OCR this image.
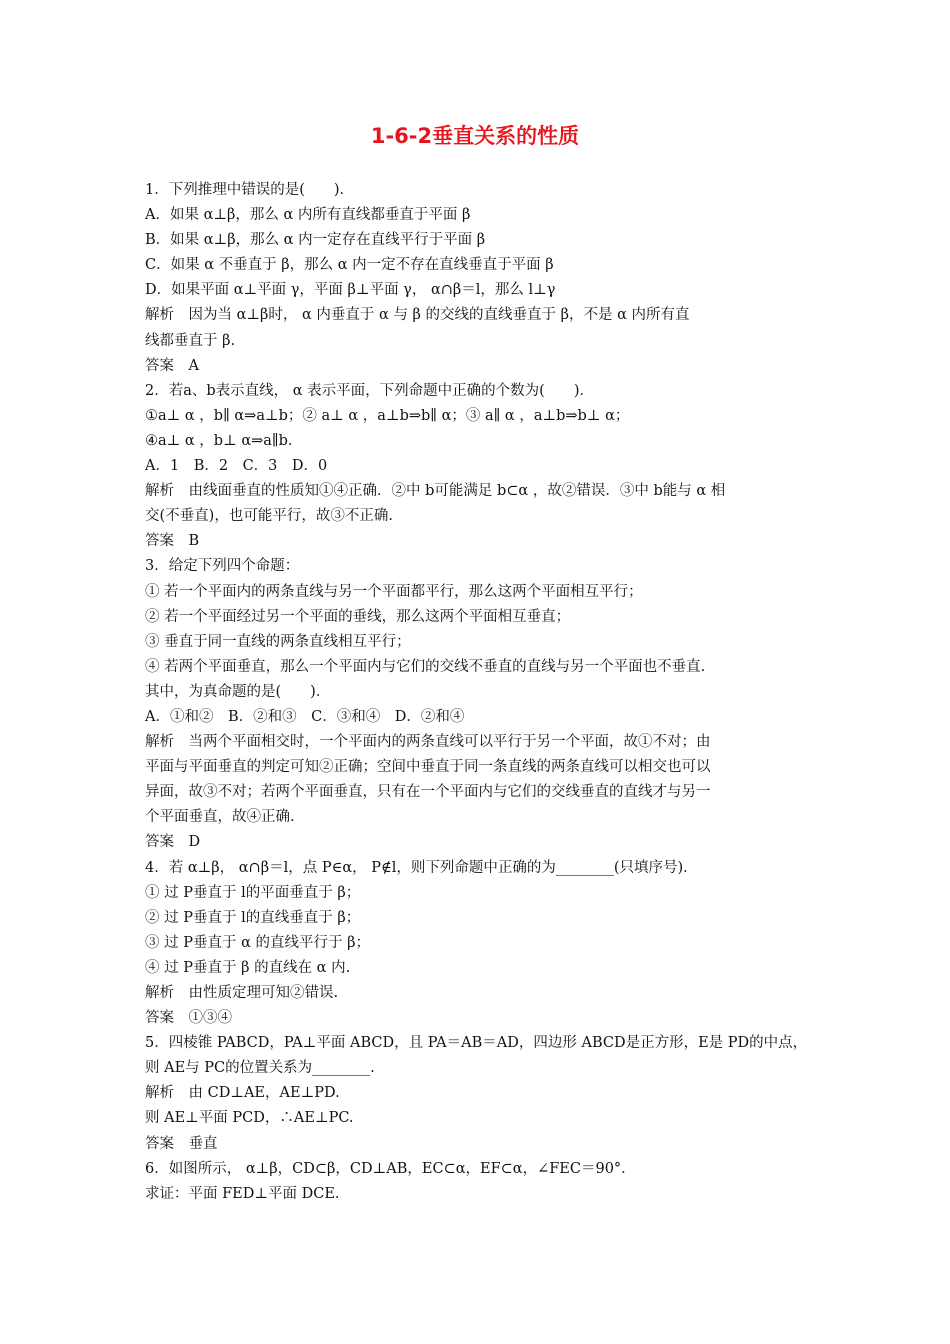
1-6-2垂直关系的性质
1．下列推理中错误的是(　　)．
A．如果 α⊥β，那么 α 内所有直线都垂直于平面 β
B．如果 α⊥β，那么 α 内一定存在直线平行于平面 β
C．如果 α 不垂直于 β，那么 α 内一定不存在直线垂直于平面 β
D．如果平面 α⊥平面 γ，平面 β⊥平面 γ， α∩β＝l，那么 l⊥γ
解析　因为当 α⊥β时， α 内垂直于 α 与 β 的交线的直线垂直于 β，不是 α 内所有直
线都垂直于 β.
答案　A
2．若a、b表示直线， α 表示平面，下列命题中正确的个数为(　　)．
①a⊥ α ，b∥ α⇒a⊥b；② a⊥ α ，a⊥b⇒b∥ α；③ a∥ α ，a⊥b⇒b⊥ α；
④a⊥ α ，b⊥ α⇒a∥b.
A．1　B．2　C．3　D．0
解析　由线面垂直的性质知①④正确．②中 b可能满足 b⊂α ，故②错误．③中 b能与 α 相
交(不垂直)，也可能平行，故③不正确.
答案　B
3．给定下列四个命题：
① 若一个平面内的两条直线与另一个平面都平行，那么这两个平面相互平行；
② 若一个平面经过另一个平面的垂线，那么这两个平面相互垂直；
③ 垂直于同一直线的两条直线相互平行；
④ 若两个平面垂直，那么一个平面内与它们的交线不垂直的直线与另一个平面也不垂直.
其中，为真命题的是(　　)．
A．①和②　B．②和③　C．③和④　D．②和④
解析　当两个平面相交时，一个平面内的两条直线可以平行于另一个平面，故①不对；由
平面与平面垂直的判定可知②正确；空间中垂直于同一条直线的两条直线可以相交也可以
异面，故③不对；若两个平面垂直，只有在一个平面内与它们的交线垂直的直线才与另一
个平面垂直，故④正确.
答案　D
4．若 α⊥β， α∩β＝l，点 P∈α， P∉l，则下列命题中正确的为________(只填序号)．
① 过 P垂直于 l的平面垂直于 β；
② 过 P垂直于 l的直线垂直于 β；
③ 过 P垂直于 α 的直线平行于 β；
④ 过 P垂直于 β 的直线在 α 内.
解析　由性质定理可知②错误.
答案　①③④
5．四棱锥 PABCD，PA⊥平面 ABCD，且 PA＝AB＝AD，四边形 ABCD是正方形，E是 PD的中点，
则 AE与 PC的位置关系为________.
解析　由 CD⊥AE，AE⊥PD.
则 AE⊥平面 PCD，∴AE⊥PC.
答案　垂直
6．如图所示， α⊥β，CD⊂β，CD⊥AB，EC⊂α，EF⊂α，∠FEC＝90°．
求证：平面 FED⊥平面 DCE.
